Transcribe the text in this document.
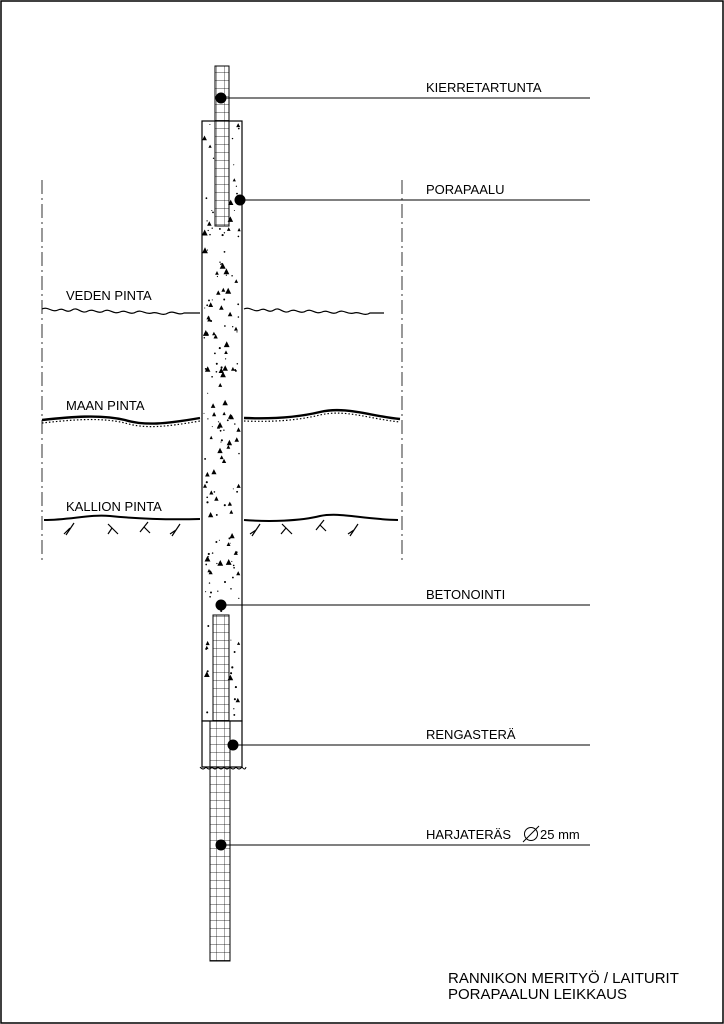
KIERRETARTUNTA
PORAPAALU
BETONOINTI
RENGASTERÄ
HARJATERÄS 25 mm
VEDEN PINTA
MAAN PINTA
KALLION PINTA
RANNIKON MERITYÖ / LAITURIT
PORAPAALUN LEIKKAUS
